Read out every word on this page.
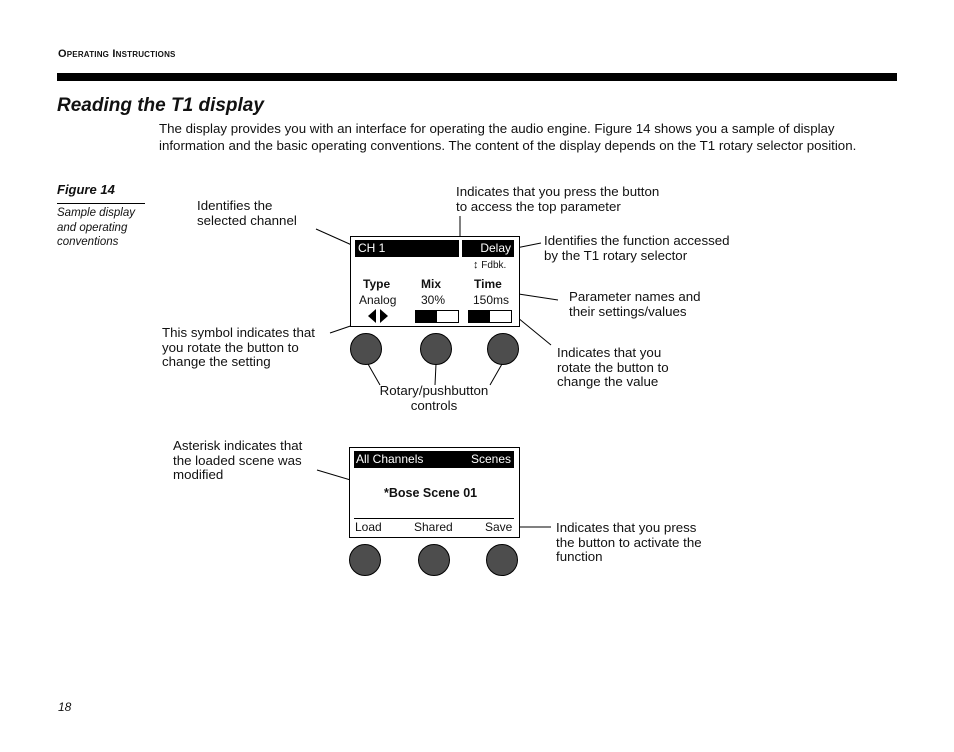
Operating Instructions
Reading the T1 display
The display provides you with an interface for operating the audio engine. Figure 14 shows you a sample of display information and the basic operating conventions. The content of the display depends on the T1 rotary selector position.
Figure 14
Sample display and operating conventions	CH 1	Delay
↕ Fdbk.
Type	Mix	Time
Analog 30% 150ms
All Channels	Scenes
*Bose Scene 01
Load	Shared	Save
Identifies the
selected channel
Indicates that you press the button
to access the top parameter
Identifies the function accessed
by the T1 rotary selector
Parameter names and
their settings/values
This symbol indicates that
you rotate the button to
change the setting
Indicates that you
rotate the button to
change the value
Rotary/pushbutton
controls
Asterisk indicates that
the loaded scene was
modified
Indicates that you press
the button to activate the
function
18
